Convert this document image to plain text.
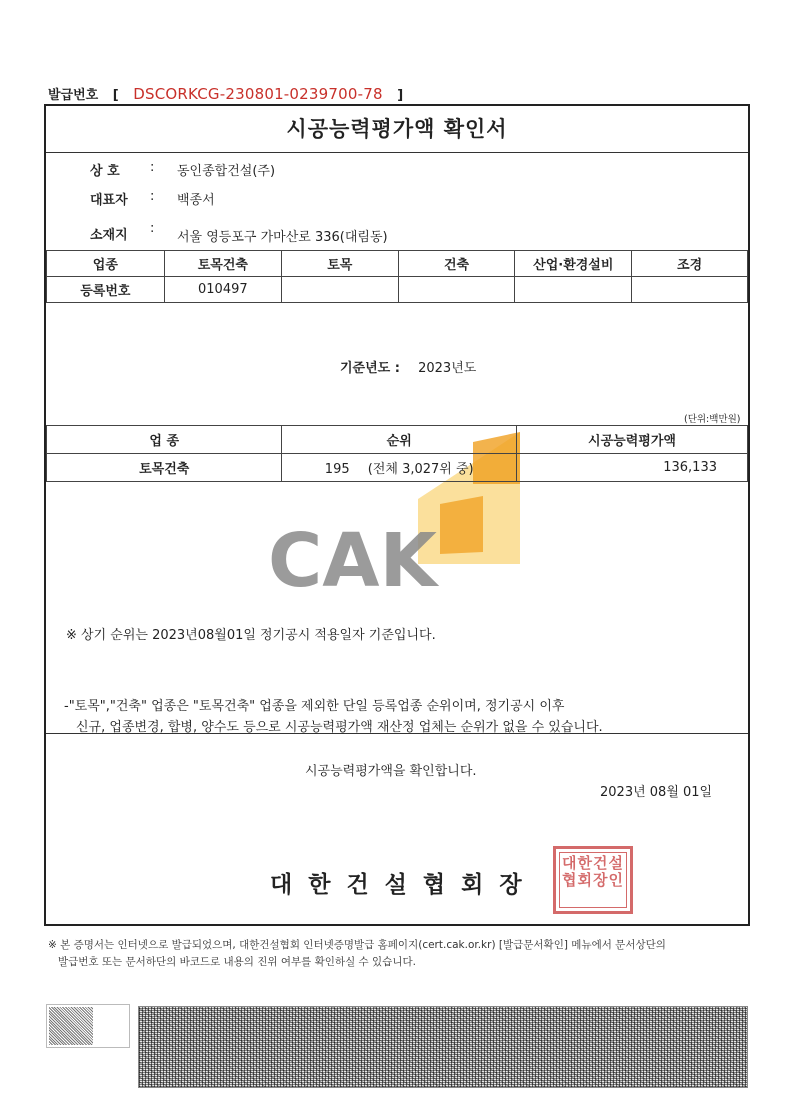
발급번호 [ DSCORKCG-230801-0239700-78 ]
시공능력평가액 확인서
상 호 : 동인종합건설(주)
대표자 : 백종서
소재지 :
서울 영등포구 가마산로 336(대림동)
업종	토목건축	토목	건축	산업·환경설비	조경
등록번호	010497				
기준년도 : 2023년도
(단위:백만원)
CAK
업 종	순위	시공능력평가액
토목건축	195 (전체 3,027위 중)	136,133
※ 상기 순위는 2023년08월01일 정기공시 적용일자 기준입니다.
-"토목","건축" 업종은 "토목건축" 업종을 제외한 단일 등록업종 순위이며, 정기공시 이후
신규, 업종변경, 합병, 양수도 등으로 시공능력평가액 재산정 업체는 순위가 없을 수 있습니다.
시공능력평가액을 확인합니다.
2023년 08월 01일
대 한 건 설 협 회 장
대한건설협회장인
※ 본 증명서는 인터넷으로 발급되었으며, 대한건설협회 인터넷증명발급 홈페이지(cert.cak.or.kr) [발급문서확인] 메뉴에서 문서상단의
발급번호 또는 문서하단의 바코드로 내용의 진위 여부를 확인하실 수 있습니다.
